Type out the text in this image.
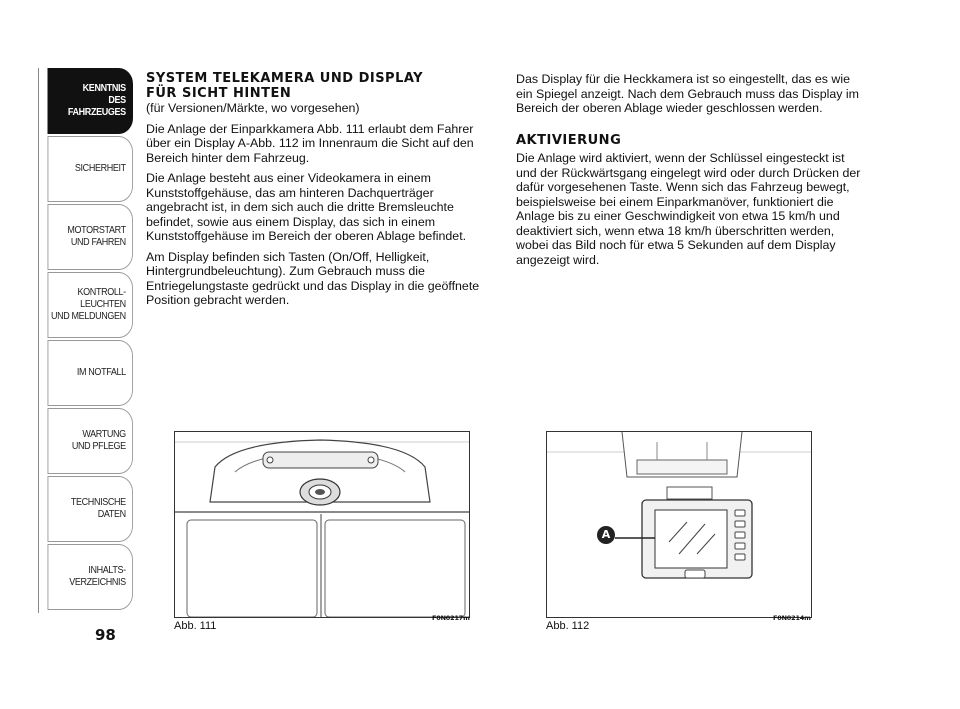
KENNTNIS
DES FAHRZEUGES
SICHERHEIT
MOTORSTART
UND FAHREN
KONTROLL-
LEUCHTEN
UND MELDUNGEN
IM NOTFALL
WARTUNG
UND PFLEGE
TECHNISCHE
DATEN
INHALTS-
VERZEICHNIS
98
SYSTEM TELEKAMERA UND DISPLAY
FÜR SICHT HINTEN
(für Versionen/Märkte, wo vorgesehen)

Die Anlage der Einparkkamera Abb. 111 erlaubt dem Fahrer über ein Display A-Abb. 112 im Innenraum die Sicht auf den Bereich hinter dem Fahrzeug.

Die Anlage besteht aus einer Videokamera in einem Kunststoffgehäuse, das am hinteren Dachquerträger angebracht ist, in dem sich auch die dritte Bremsleuchte befindet, sowie aus einem Display, das sich in einem Kunststoffgehäuse im Bereich der oberen Ablage befindet.

Am Display befinden sich Tasten (On/Off, Helligkeit, Hintergrundbeleuchtung). Zum Gebrauch muss die Entriegelungstaste gedrückt und das Display in die geöffnete Position gebracht werden.

Das Display für die Heckkamera ist so eingestellt, das es wie ein Spiegel anzeigt. Nach dem Gebrauch muss das Display im Bereich der oberen Ablage wieder geschlossen werden.

AKTIVIERUNG

Die Anlage wird aktiviert, wenn der Schlüssel eingesteckt ist und der Rückwärtsgang eingelegt wird oder durch Drücken der dafür vorgesehenen Taste. Wenn sich das Fahrzeug bewegt, beispielsweise bei einem Einparkmanöver, funktioniert die Anlage bis zu einer Geschwindigkeit von etwa 15 km/h und deaktiviert sich, wenn etwa 18 km/h überschritten werden, wobei das Bild noch für etwa 5 Sekunden auf dem Display angezeigt wird.

Abb. 111
F0N0217m
A
Abb. 112
F0N0214m
